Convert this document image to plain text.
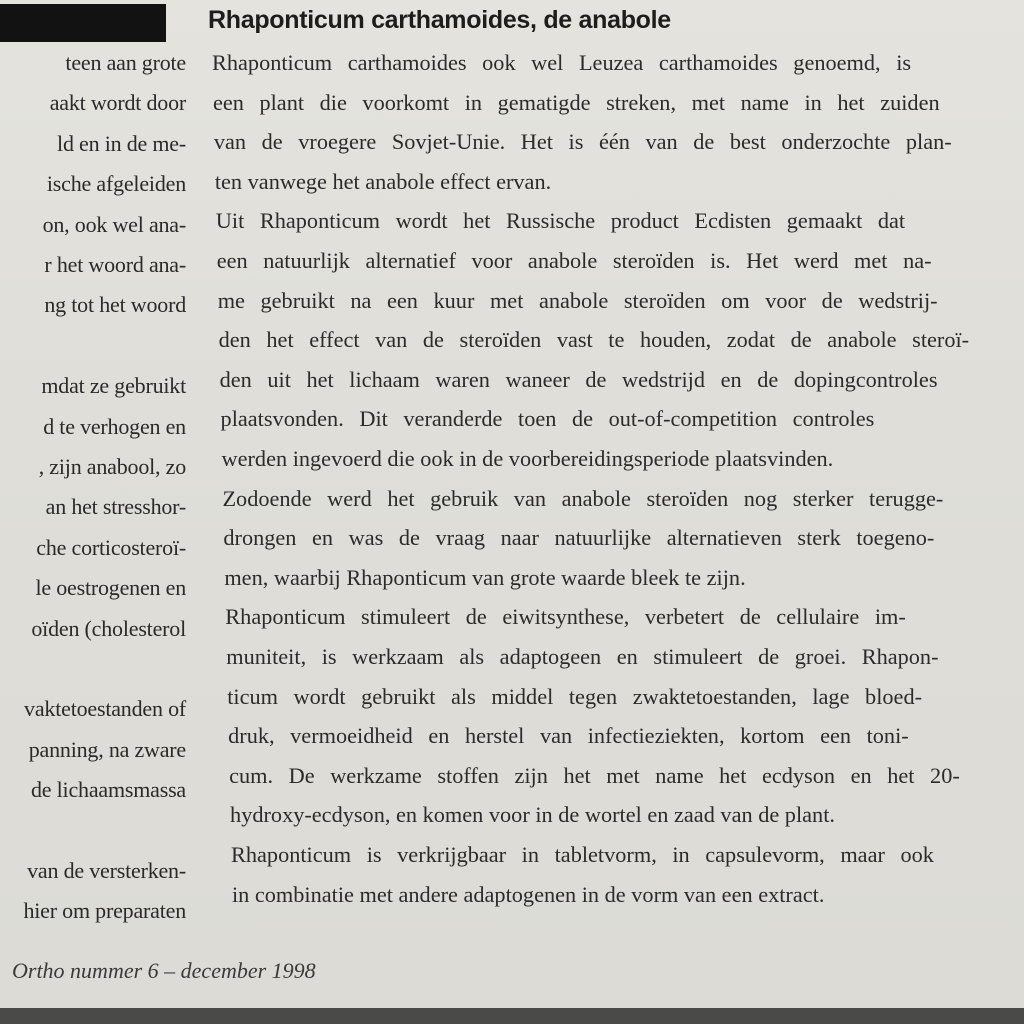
teen aan grote
aakt wordt door
ld en in de me-
ische afgeleiden
on, ook wel ana-
r het woord ana-
ng tot het woord
mdat ze gebruikt
d te verhogen en
, zijn anabool, zo
an het stresshor-
che corticosteroï-
le oestrogenen en
oïden (cholesterol
vaktetoestanden of
panning, na zware
de lichaamsmassa
van de versterken-
hier om preparaten
Rhaponticum carthamoides, de anabole
Rhaponticum carthamoides ook wel Leuzea carthamoides genoemd, is
een plant die voorkomt in gematigde streken, met name in het zuiden
van de vroegere Sovjet-Unie. Het is één van de best onderzochte plan-
ten vanwege het anabole effect ervan.
Uit Rhaponticum wordt het Russische product Ecdisten gemaakt dat
een natuurlijk alternatief voor anabole steroïden is. Het werd met na-
me gebruikt na een kuur met anabole steroïden om voor de wedstrij-
den het effect van de steroïden vast te houden, zodat de anabole steroï-
den uit het lichaam waren waneer de wedstrijd en de dopingcontroles
plaatsvonden. Dit veranderde toen de out-of-competition controles
werden ingevoerd die ook in de voorbereidingsperiode plaatsvinden.
Zodoende werd het gebruik van anabole steroïden nog sterker terugge-
drongen en was de vraag naar natuurlijke alternatieven sterk toegeno-
men, waarbij Rhaponticum van grote waarde bleek te zijn.
Rhaponticum stimuleert de eiwitsynthese, verbetert de cellulaire im-
muniteit, is werkzaam als adaptogeen en stimuleert de groei. Rhapon-
ticum wordt gebruikt als middel tegen zwaktetoestanden, lage bloed-
druk, vermoeidheid en herstel van infectieziekten, kortom een toni-
cum. De werkzame stoffen zijn het met name het ecdyson en het 20-
hydroxy-ecdyson, en komen voor in de wortel en zaad van de plant.
Rhaponticum is verkrijgbaar in tabletvorm, in capsulevorm, maar ook
in combinatie met andere adaptogenen in de vorm van een extract.
Ortho nummer 6 – december 1998
